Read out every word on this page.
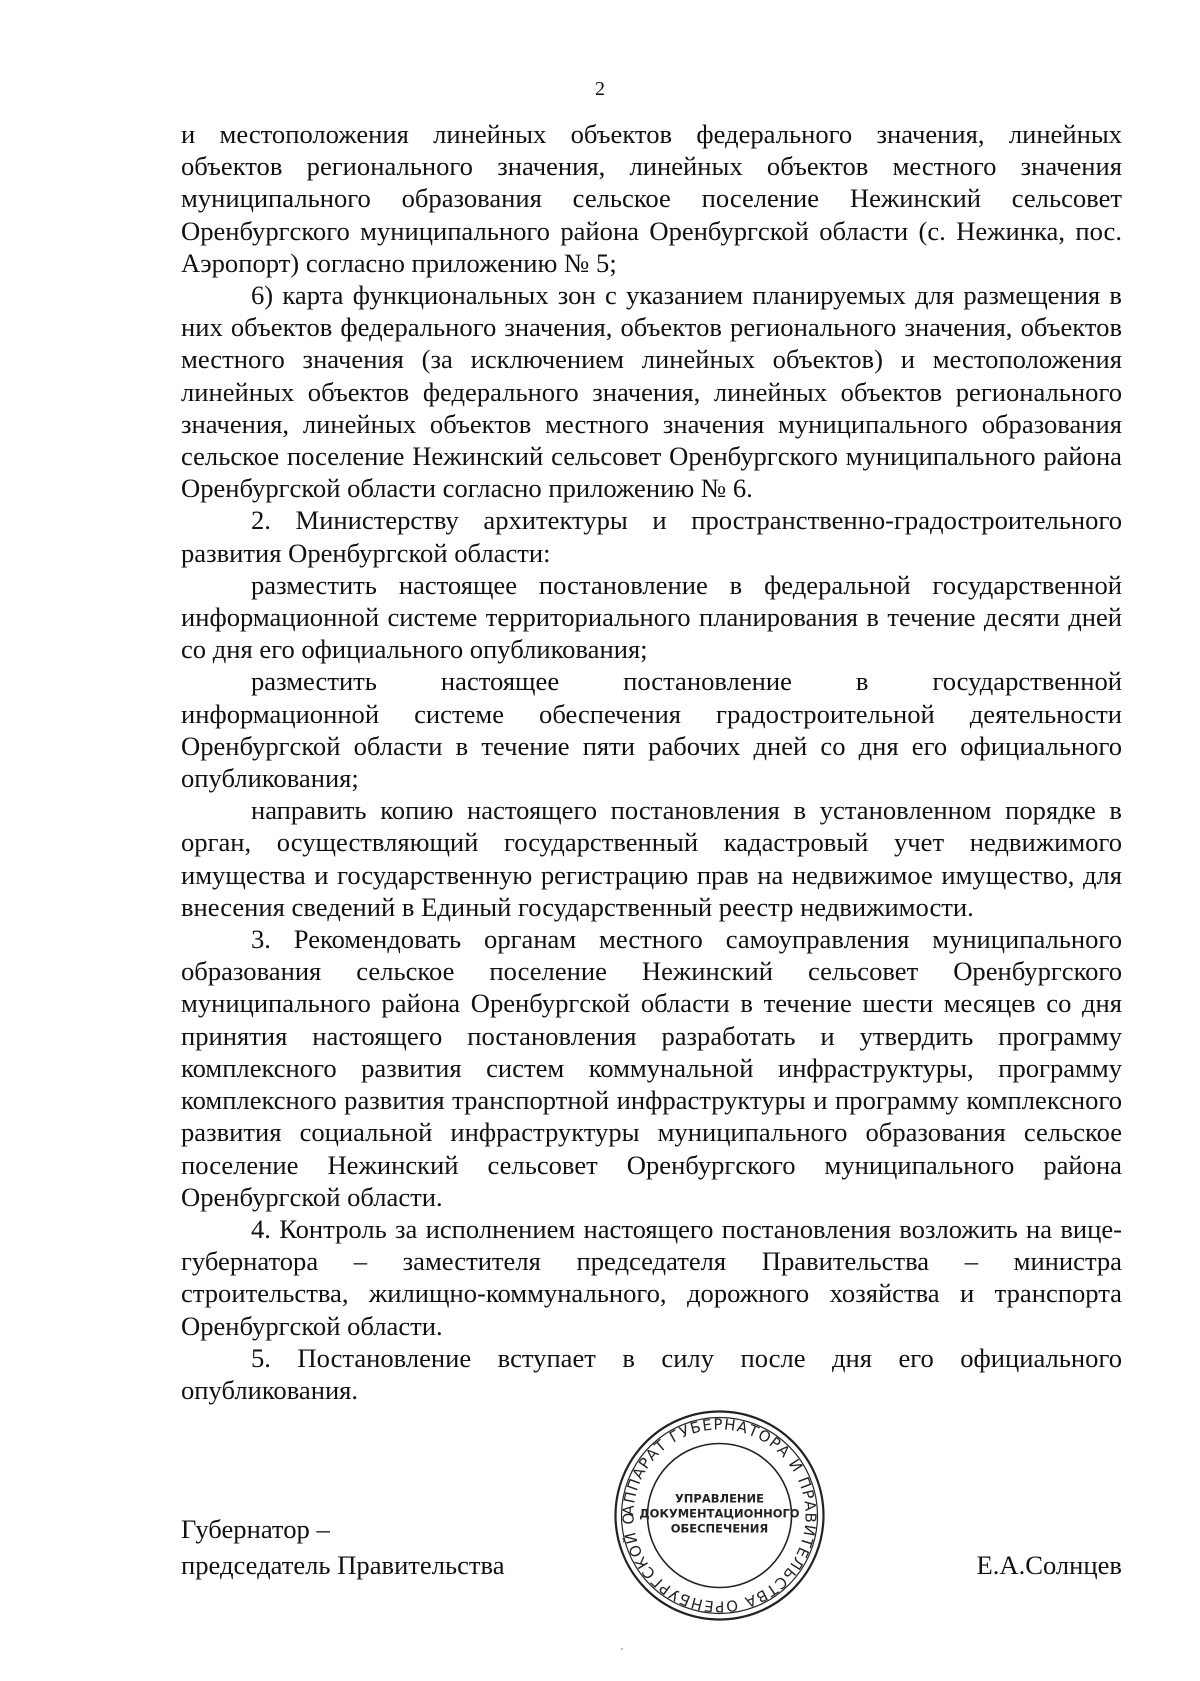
2

и местоположения линейных объектов федерального значения, линейных объектов регионального значения, линейных объектов местного значения муниципального образования сельское поселение Нежинский сельсовет Оренбургского муниципального района Оренбургской области (с. Нежинка, пос. Аэропорт) согласно приложению № 5;

6) карта функциональных зон с указанием планируемых для размещения в них объектов федерального значения, объектов регионального значения, объектов местного значения (за исключением линейных объектов) и местоположения линейных объектов федерального значения, линейных объектов регионального значения, линейных объектов местного значения муниципального образования сельское поселение Нежинский сельсовет Оренбургского муниципального района Оренбургской области согласно приложению № 6.

2. Министерству архитектуры и пространственно-градостроительного развития Оренбургской области:

разместить настоящее постановление в федеральной государственной информационной системе территориального планирования в течение десяти дней со дня его официального опубликования;

разместить настоящее постановление в государственной

информационной системе обеспечения градостроительной деятельности Оренбургской области в течение пяти рабочих дней со дня его официального опубликования;

направить копию настоящего постановления в установленном порядке в орган, осуществляющий государственный кадастровый учет недвижимого имущества и государственную регистрацию прав на недвижимое имущество, для внесения сведений в Единый государственный реестр недвижимости.

3. Рекомендовать органам местного самоуправления муниципального образования сельское поселение Нежинский сельсовет Оренбургского муниципального района Оренбургской области в течение шести месяцев со дня принятия настоящего постановления разработать и утвердить программу комплексного развития систем коммунальной инфраструктуры, программу комплексного развития транспортной инфраструктуры и программу комплексного развития социальной инфраструктуры муниципального образования сельское поселение Нежинский сельсовет Оренбургского муниципального района Оренбургской области.

4. Контроль за исполнением настоящего постановления возложить на вице-губернатора – заместителя председателя Правительства – министра строительства, жилищно-коммунального, дорожного хозяйства и транспорта Оренбургской области.

5. Постановление вступает в силу после дня его официального опубликования.

Губернатор –
председатель Правительства
АППАРАТ ГУБЕРНАТОРА И ПРАВИТЕЛЬСТВА ОРЕНБУРГСКОЙ О
УПРАВЛЕНИЕ
ДОКУМЕНТАЦИОННОГО
ОБЕСПЕЧЕНИЯ
Е.А.Солнцев
